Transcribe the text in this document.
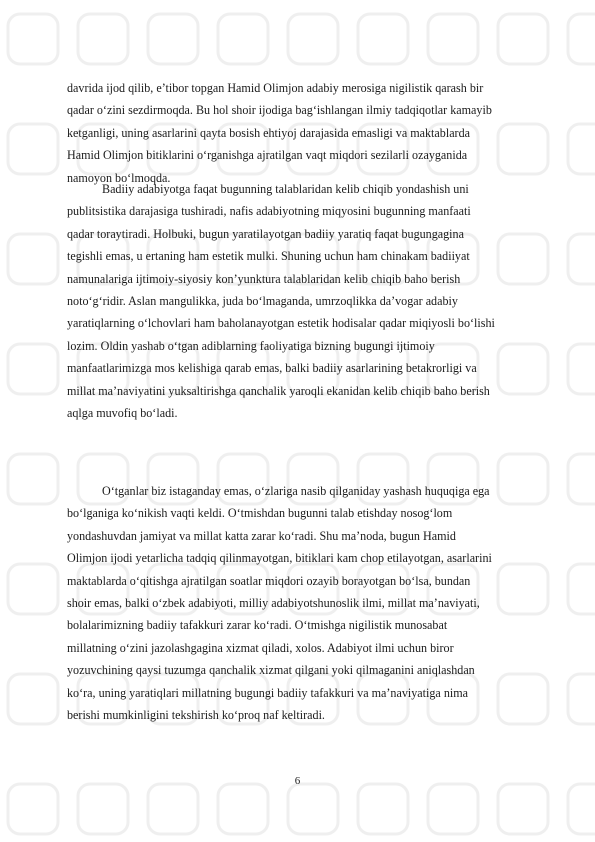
davrida ijod qilib, e’tibor topgan Hamid Olimjon adabiy merosiga nigilistik qarash bir
qadar o‘zini sezdirmoqda. Bu hol shoir ijodiga bag‘ishlangan ilmiy tadqiqotlar kamayib
ketganligi, uning asarlarini qayta bosish ehtiyoj darajasida emasligi va maktablarda
Hamid Olimjon bitiklarini o‘rganishga ajratilgan vaqt miqdori sezilarli ozayganida
namoyon bo‘lmoqda.
Badiiy adabiyotga faqat bugunning talablaridan kelib chiqib yondashish uni
publitsistika darajasiga tushiradi, nafis adabiyotning miqyosini bugunning manfaati
qadar toraytiradi. Holbuki, bugun yaratilayotgan badiiy yaratiq faqat bugungagina
tegishli emas, u ertaning ham estetik mulki. Shuning uchun ham chinakam badiiyat
namunalariga ijtimoiy-siyosiy kon’yunktura talablaridan kelib chiqib baho berish
noto‘g‘ridir. Aslan mangulikka, juda bo‘lmaganda, umrzoqlikka da’vogar adabiy
yaratiqlarning o‘lchovlari ham baholanayotgan estetik hodisalar qadar miqiyosli bo‘lishi
lozim. Oldin yashab o‘tgan adiblarning faoliyatiga bizning bugungi ijtimoiy
manfaatlarimizga mos kelishiga qarab emas, balki badiiy asarlarining betakrorligi va
millat ma’naviyatini yuksaltirishga qanchalik yaroqli ekanidan kelib chiqib baho berish
aqlga muvofiq bo‘ladi.
O‘tganlar biz istaganday emas, o‘zlariga nasib qilganiday yashash huquqiga ega
bo‘lganiga ko‘nikish vaqti keldi. O‘tmishdan bugunni talab etishday nosog‘lom
yondashuvdan jamiyat va millat katta zarar ko‘radi. Shu ma’noda, bugun Hamid
Olimjon ijodi yetarlicha tadqiq qilinmayotgan, bitiklari kam chop etilayotgan, asarlarini
maktablarda o‘qitishga ajratilgan soatlar miqdori ozayib borayotgan bo‘lsa, bundan
shoir emas, balki o‘zbek adabiyoti, milliy adabiyotshunoslik ilmi, millat ma’naviyati,
bolalarimizning badiiy tafakkuri zarar ko‘radi. O‘tmishga nigilistik munosabat
millatning o‘zini jazolashgagina xizmat qiladi, xolos. Adabiyot ilmi uchun biror
yozuvchining qaysi tuzumga qanchalik xizmat qilgani yoki qilmaganini aniqlashdan
ko‘ra, uning yaratiqlari millatning bugungi badiiy tafakkuri va ma’naviyatiga nima
berishi mumkinligini tekshirish ko‘proq naf keltiradi.
6
